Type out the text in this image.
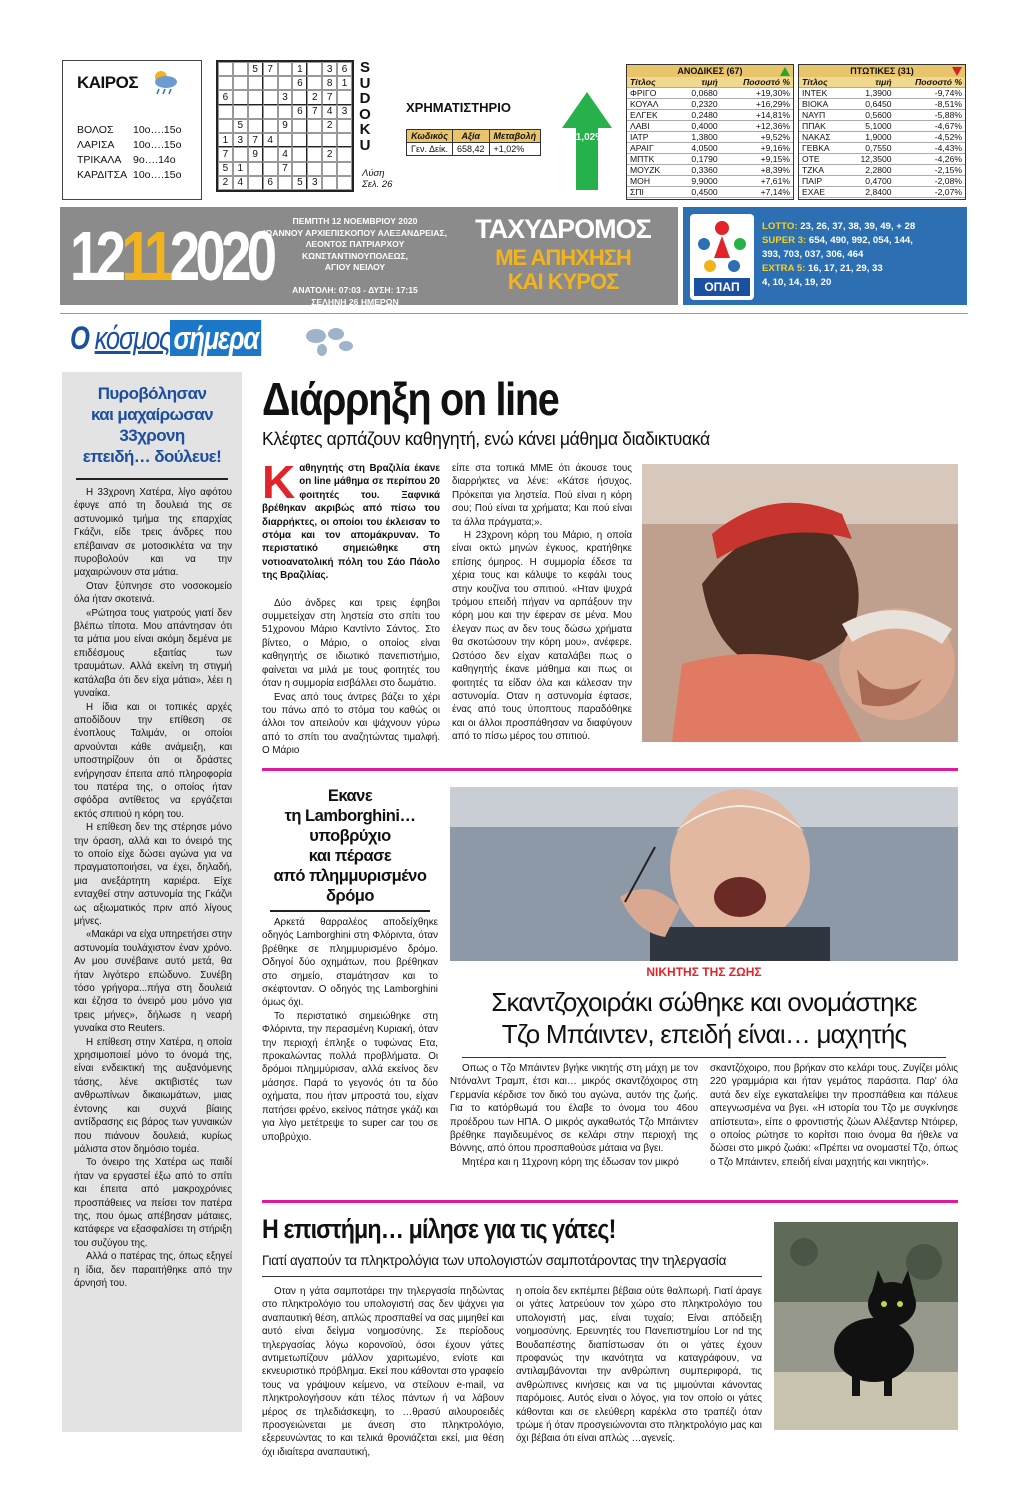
ΚΑΙΡΟΣ
ΒΟΛΟΣ	10ο….15ο
ΛΑΡΙΣΑ	10ο….15ο
ΤΡΙΚΑΛΑ	9ο….14ο
ΚΑΡΔΙΤΣΑ 10ο….15ο
5 7	1	3 6
6	8 1
6	3	2 7
6 7 4 3
5	9	2
1 3 7 4
7	9	4	2
5 1	7
2 4	6	5 3
S
U
D
O
K
U
Λύση
Σελ. 26
ΧΡΗΜΑΤΙΣΤΗΡΙΟ
Κωδικός	Αξία	Μεταβολή
Γεν. Δείκ.	658,42	+1,02%
+1,02%
ΑΝΟΔΙΚΕΣ (67)
Τίτλος	τιμή	Ποσοστό %
ΦΡΙΓΟ	0,0680	+19,30%
ΚΟΥΑΛ	0,2320	+16,29%
ΕΛΓΕΚ	0,2480	+14,81%
ΛΑΒΙ	0,4000	+12,36%
ΙΑΤΡ	1,3800	+9,52%
ΑΡΑΙΓ	4,0500	+9,16%
ΜΠΤΚ	0,1790	+9,15%
ΜΟΥΖΚ	0,3360	+8,39%
ΜΟΗ	9,9000	+7,61%
ΣΠΙ	0,4500	+7,14%
ΠΤΩΤΙΚΕΣ (31)
Τίτλος	τιμή	Ποσοστό %
ΙΝΤΕΚ	1,3900	-9,74%
ΒΙΟΚΑ	0,6450	-8,51%
ΝΑΥΠ	0,5600	-5,88%
ΠΠΑΚ	5,1000	-4,67%
ΝΑΚΑΣ	1,9000	-4,52%
ΓΕΒΚΑ	0,7550	-4,43%
ΟΤΕ	12,3500	-4,26%
ΤΖΚΑ	2,2800	-2,15%
ΠΑΙΡ	0,4700	-2,08%
ΕΧΑΕ	2,8400	-2,07%
12112020	ΠΕΜΠΤΗ 12 ΝΟΕΜΒΡΙΟΥ 2020
ΙΩΑΝΝΟΥ ΑΡΧΙΕΠΙΣΚΟΠΟΥ ΑΛΕΞΑΝΔΡΕΙΑΣ,
ΛΕΟΝΤΟΣ ΠΑΤΡΙΑΡΧΟΥ ΚΩΝΣΤΑΝΤΙΝΟΥΠΟΛΕΩΣ,
ΑΓΙΟΥ ΝΕΙΛΟΥ

ΑΝΑΤΟΛΗ: 07:03 - ΔΥΣΗ: 17:15
ΣΕΛΗΝΗ 26 ΗΜΕΡΩΝ
ΤΑΧΥΔΡΟΜΟΣ
ΜΕ ΑΠΗΧΗΣΗ
ΚΑΙ ΚΥΡΟΣ	ΟΠΑΠ
LOTTO: 23, 26, 37, 38, 39, 49, + 28
SUPER 3: 654, 490, 992, 054, 144,
393, 703, 037, 306, 464
EXTRA 5: 16, 17, 21, 29, 33
4, 10, 14, 19, 20
Ο κόσμοςσήμερα
Πυροβόλησαν
και μαχαίρωσαν
33χρονη
επειδή… δούλευε!

Η 33χρονη Χατέρα, λίγο αφότου έφυγε από τη δουλειά της σε αστυνομικό τμήμα της επαρχίας Γκάζνι, είδε τρεις άνδρες που επέβαιναν σε μοτοσικλέτα να την πυροβολούν και να την μαχαιρώνουν στα μάτια.

Οταν ξύπνησε στο νοσοκομείο όλα ήταν σκοτεινά.

«Ρώτησα τους γιατρούς γιατί δεν βλέπω τίποτα. Μου απάντησαν ότι τα μάτια μου είναι ακόμη δεμένα με επιδέσμους εξαιτίας των τραυμάτων. Αλλά εκείνη τη στιγμή κατάλαβα ότι δεν είχα μάτια», λέει η γυναίκα.

Η ίδια και οι τοπικές αρχές αποδίδουν την επίθεση σε ένοπλους Ταλιμάν, οι οποίοι αρνούνται κάθε ανάμειξη, και υποστηρίζουν ότι οι δράστες ενήργησαν έπειτα από πληροφορία του πατέρα της, ο οποίος ήταν σφόδρα αντίθετος να εργάζεται εκτός σπιτιού η κόρη του.

Η επίθεση δεν της στέρησε μόνο την όραση, αλλά και το όνειρό της το οποίο είχε δώσει αγώνα για να πραγματοποιήσει, να έχει, δηλαδή, μια ανεξάρτητη καριέρα. Είχε ενταχθεί στην αστυνομία της Γκάζνι ως αξιωματικός πριν από λίγους μήνες.

«Μακάρι να είχα υπηρετήσει στην αστυνομία τουλάχιστον έναν χρόνο. Αν μου συνέβαινε αυτό μετά, θα ήταν λιγότερο επώδυνο. Συνέβη τόσο γρήγορα...πήγα στη δουλειά και έζησα το όνειρό μου μόνο για τρεις μήνες», δήλωσε η νεαρή γυναίκα στο Reuters.

Η επίθεση στην Χατέρα, η οποία χρησιμοποιεί μόνο το όνομά της, είναι ενδεικτική της αυξανόμενης τάσης, λένε ακτιβιστές των ανθρωπίνων δικαιωμάτων, μιας έντονης και συχνά βίαιης αντίδρασης εις βάρος των γυναικών που πιάνουν δουλειά, κυρίως μάλιστα στον δημόσιο τομέα.

Το όνειρο της Χατέρα ως παιδί ήταν να εργαστεί έξω από το σπίτι και έπειτα από μακροχρόνιες προσπάθειες να πείσει τον πατέρα της, που όμως απέβησαν μάταιες, κατάφερε να εξασφαλίσει τη στήριξη του συζύγου της.

Αλλά ο πατέρας της, όπως εξηγεί η ίδια, δεν παραιτήθηκε από την άρνησή του.

Διάρρηξη on line
Κλέφτες αρπάζουν καθηγητή, ενώ κάνει μάθημα διαδικτυακά

Καθηγητής στη Βραζιλία έκανε on line μάθημα σε περίπου 20 φοιτητές του. Ξαφνικά βρέθηκαν ακριβώς από πίσω του διαρρήκτες, οι οποίοι του έκλεισαν το στόμα και τον απομάκρυναν. Το περιστατικό σημειώθηκε στη νοτιοανατολική πόλη του Σάο Πάολο της Βραζιλίας.

Δύο άνδρες και τρεις έφηβοι συμμετείχαν στη ληστεία στο σπίτι του 51χρονου Μάριο Καντίντο Σάντος. Στο βίντεο, ο Μάριο, ο οποίος είναι καθηγητής σε ιδιωτικό πανεπιστήμιο, φαίνεται να μιλά με τους φοιτητές του όταν η συμμορία εισβάλλει στο δωμάτιο.

Ενας από τους άντρες βάζει το χέρι του πάνω από το στόμα του καθώς οι άλλοι τον απειλούν και ψάχνουν γύρω από το σπίτι του αναζητώντας τιμαλφή. Ο Μάριο

είπε στα τοπικά ΜΜΕ ότι άκουσε τους διαρρήκτες να λένε: «Κάτσε ήσυχος. Πρόκειται για ληστεία. Πού είναι η κόρη σου; Πού είναι τα χρήματα; Και πού είναι τα άλλα πράγματα;».

Η 23χρονη κόρη του Μάριο, η οποία είναι οκτώ μηνών έγκυος, κρατήθηκε επίσης όμηρος. Η συμμορία έδεσε τα χέρια τους και κάλυψε το κεφάλι τους στην κουζίνα του σπιτιού. «Ηταν ψυχρά τρόμου επειδή πήγαν να αρπάξουν την κόρη μου και την έφεραν σε μένα. Μου έλεγαν πως αν δεν τους δώσω χρήματα θα σκοτώσουν την κόρη μου», ανέφερε. Ωστόσο δεν είχαν καταλάβει πως ο καθηγητής έκανε μάθημα και πως οι φοιτητές τα είδαν όλα και κάλεσαν την αστυνομία. Οταν η αστυνομία έφτασε, ένας από τους ύποπτους παραδόθηκε και οι άλλοι προσπάθησαν να διαφύγουν από το πίσω μέρος του σπιτιού.

Εκανε
τη Lamborghini…
υποβρύχιο
και πέρασε
από πλημμυρισμένο
δρόμο

Αρκετά θαρραλέος αποδείχθηκε οδηγός Lamborghini στη Φλόριντα, όταν βρέθηκε σε πλημμυρισμένο δρόμο. Οδηγοί δύο οχημάτων, που βρέθηκαν στο σημείο, σταμάτησαν και το σκέφτονταν. Ο οδηγός της Lamborghini όμως όχι.

Το περιστατικό σημειώθηκε στη Φλόριντα, την περασμένη Κυριακή, όταν την περιοχή έπληξε ο τυφώνας Ετα, προκαλώντας πολλά προβλήματα. Οι δρόμοι πλημμύρισαν, αλλά εκείνος δεν μάσησε. Παρά το γεγονός ότι τα δύο οχήματα, που ήταν μπροστά του, είχαν πατήσει φρένο, εκείνος πάτησε γκάζι και για λίγο μετέτρεψε το super car του σε υποβρύχιο.

ΝΙΚΗΤΗΣ ΤΗΣ ΖΩΗΣ
Σκαντζοχοιράκι σώθηκε και ονομάστηκε
Τζο Μπάιντεν, επειδή είναι… μαχητής

Οπως ο Τζο Μπάιντεν βγήκε νικητής στη μάχη με τον Ντόναλντ Τραμπ, έτσι και… μικρός σκαντζόχοιρος στη Γερμανία κέρδισε τον δικό του αγώνα, αυτόν της ζωής. Για το κατόρθωμά του έλαβε το όνομα του 46ου προέδρου των ΗΠΑ. Ο μικρός αγκαθωτός Τζο Μπάιντεν βρέθηκε παγιδευμένος σε κελάρι στην περιοχή της Βόννης, από όπου προσπαθούσε μάταια να βγει.

Μητέρα και η 11χρονη κόρη της έδωσαν τον μικρό

σκαντζόχοιρο, που βρήκαν στο κελάρι τους. Ζυγίζει μόλις 220 γραμμάρια και ήταν γεμάτος παράσιτα. Παρ' όλα αυτά δεν είχε εγκαταλείψει την προσπάθεια και πάλευε απεγνωσμένα να βγει. «Η ιστορία του Τζο με συγκίνησε απίστευτα», είπε ο φροντιστής ζώων Αλέξαντερ Ντόιρερ, ο οποίος ρώτησε το κορίτσι ποιο όνομα θα ήθελε να δώσει στο μικρό ζωάκι: «Πρέπει να ονομαστεί Τζο, όπως ο Τζο Μπάιντεν, επειδή είναι μαχητής και νικητής».

Η επιστήμη… μίλησε για τις γάτες!
Γιατί αγαπούν τα πληκτρολόγια των υπολογιστών σαμποτάροντας την τηλεργασία

Οταν η γάτα σαμποτάρει την τηλεργασία πηδώντας στο πληκτρολόγιο του υπολογιστή σας δεν ψάχνει για αναπαυτική θέση, απλώς προσπαθεί να σας μιμηθεί και αυτό είναι δείγμα νοημοσύνης. Σε περίοδους τηλεργασίας λόγω κορονοϊού, όσοι έχουν γάτες αντιμετωπίζουν μάλλον χαριτωμένο, ενίοτε και εκνευριστικό πρόβλημα. Εκεί που κάθονται στο γραφείο τους να γράψουν κείμενο, να στείλουν e-mail, να πληκτρολογήσουν κάτι τέλος πάντων ή να λάβουν μέρος σε τηλεδιάσκεψη, το …θρασύ αιλουροειδές προσγειώνεται με άνεση στο πληκτρολόγιο, εξερευνώντας το και τελικά θρονιάζεται εκεί, μια θέση όχι ιδιαίτερα αναπαυτική,

η οποία δεν εκπέμπει βέβαια ούτε θαλπωρή. Γιατί άραγε οι γάτες λατρεύουν τον χώρο στο πληκτρολόγιο του υπολογιστή μας, είναι τυχαίο; Είναι απόδειξη νοημοσύνης. Ερευνητές του Πανεπιστημίου Lor nd της Βουδαπέστης διαπίστωσαν ότι οι γάτες έχουν προφανώς την ικανότητα να καταγράφουν, να αντιλαμβάνονται την ανθρώπινη συμπεριφορά, τις ανθρώπινες κινήσεις και να τις μιμούνται κάνοντας παρόμοιες. Αυτός είναι ο λόγος, για τον οποίο οι γάτες κάθονται και σε ελεύθερη καρέκλα στο τραπέζι όταν τρώμε ή όταν προσγειώνονται στο πληκτρολόγιο μας και όχι βέβαια ότι είναι απλώς …αγενείς.
